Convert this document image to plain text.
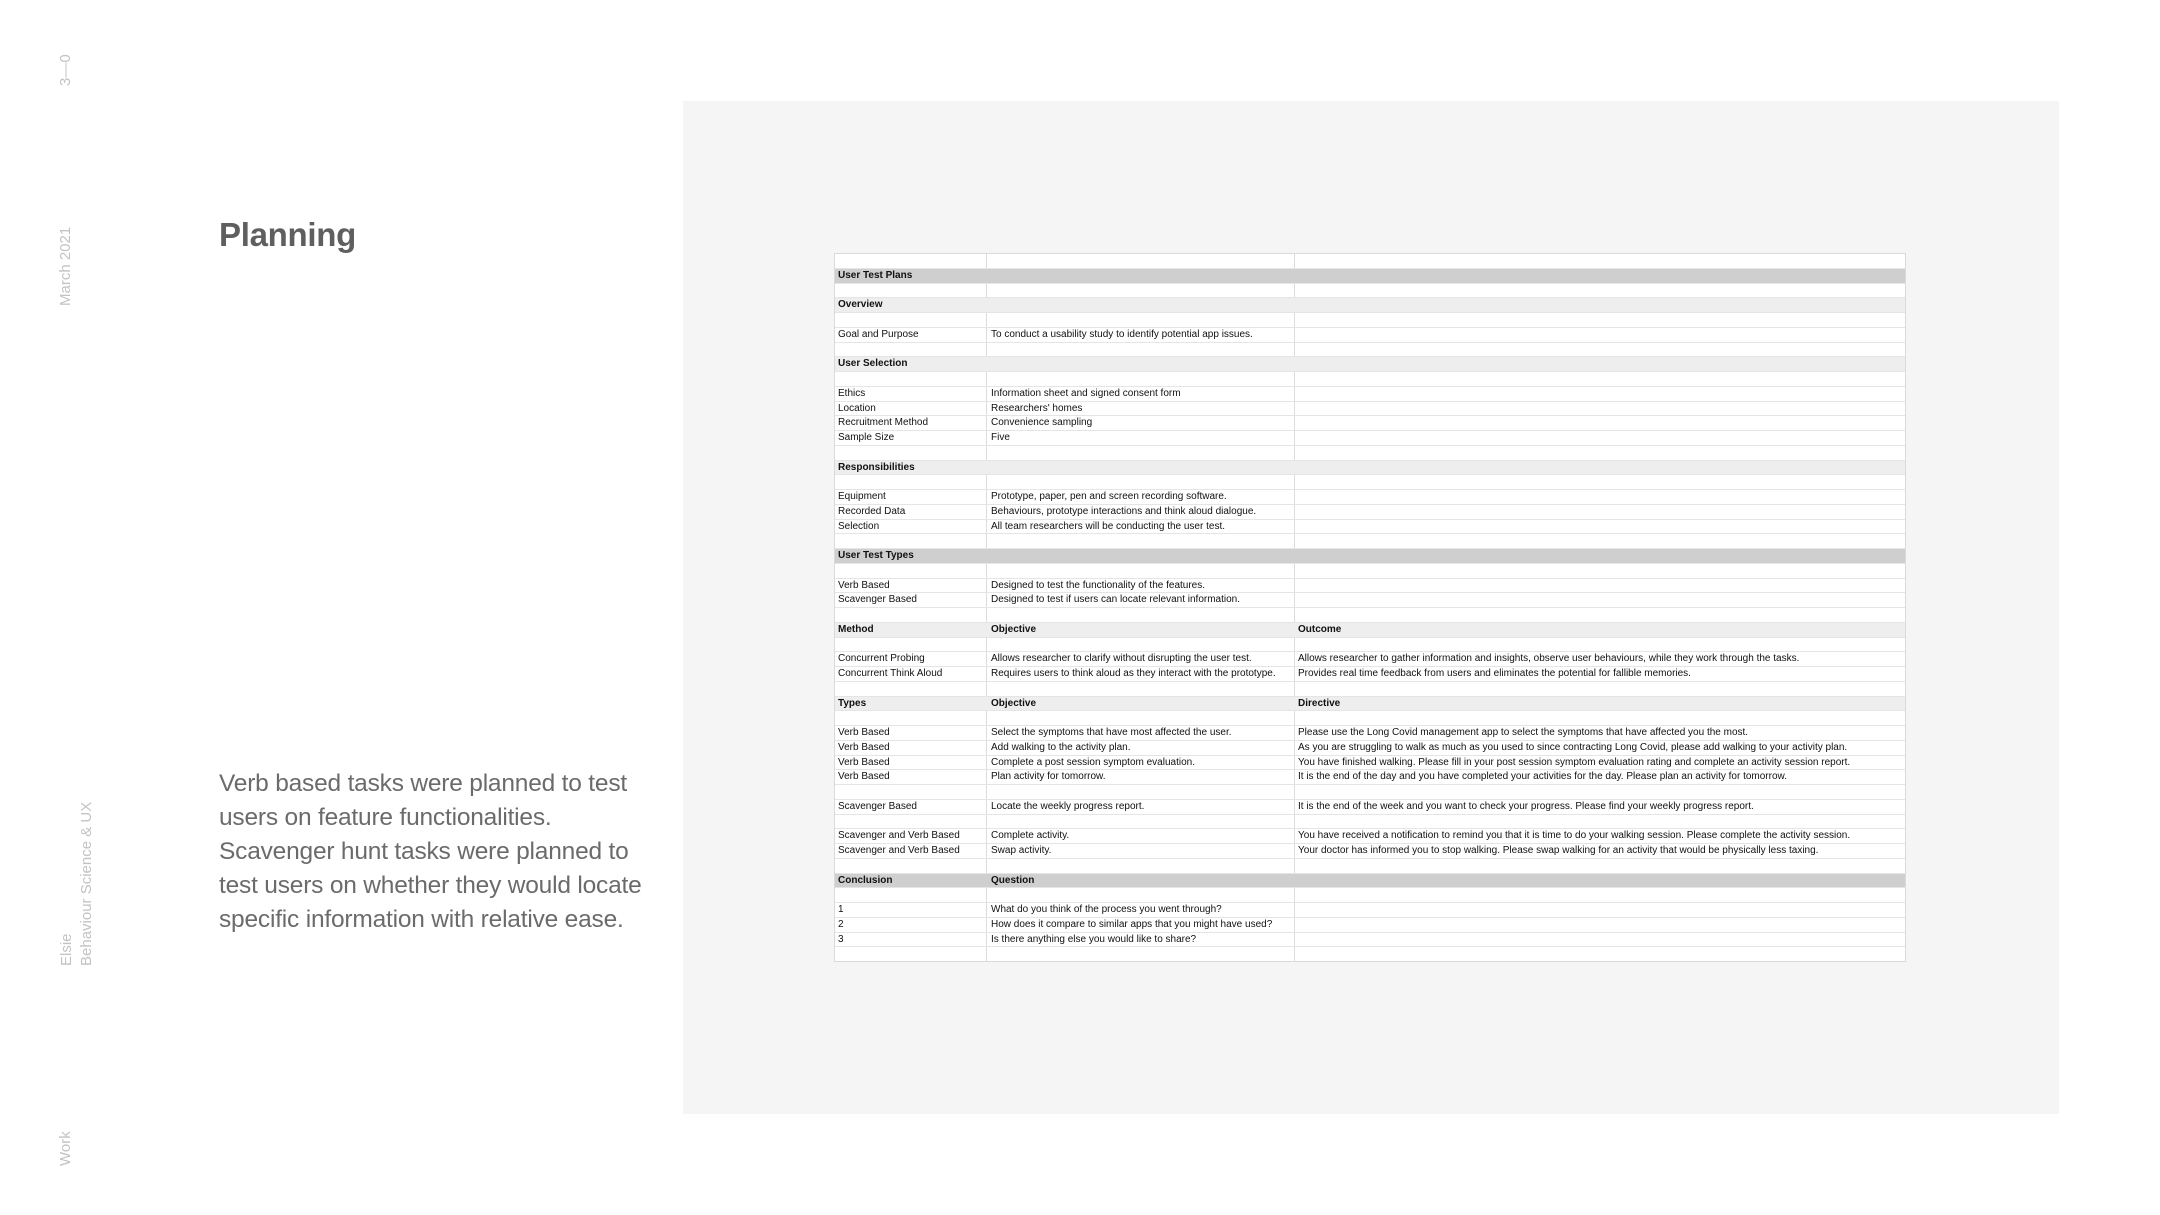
3—0
March 2021
Elsie Behaviour Science & UX
Work
Planning

Verb based tasks were planned to test users on feature functionalities. Scavenger hunt tasks were planned to test users on whether they would locate specific information with relative ease.

User Test Plans
Overview
Goal and Purpose	To conduct a usability study to identify potential app issues.
User Selection
Ethics	Information sheet and signed consent form
Location	Researchers' homes
Recruitment Method	Convenience sampling
Sample Size	Five
Responsibilities
Equipment	Prototype, paper, pen and screen recording software.
Recorded Data	Behaviours, prototype interactions and think aloud dialogue.
Selection	All team researchers will be conducting the user test.
User Test Types
Verb Based	Designed to test the functionality of the features.
Scavenger Based	Designed to test if users can locate relevant information.
Method	Objective	Outcome
Concurrent Probing	Allows researcher to clarify without disrupting the user test.	Allows researcher to gather information and insights, observe user behaviours, while they work through the tasks.
Concurrent Think Aloud	Requires users to think aloud as they interact with the prototype.	Provides real time feedback from users and eliminates the potential for fallible memories.
Types	Objective	Directive
Verb Based	Select the symptoms that have most affected the user.	Please use the Long Covid management app to select the symptoms that have affected you the most.
Verb Based	Add walking to the activity plan.	As you are struggling to walk as much as you used to since contracting Long Covid, please add walking to your activity plan.
Verb Based	Complete a post session symptom evaluation.	You have finished walking. Please fill in your post session symptom evaluation rating and complete an activity session report.
Verb Based	Plan activity for tomorrow.	It is the end of the day and you have completed your activities for the day. Please plan an activity for tomorrow.
Scavenger Based	Locate the weekly progress report.	It is the end of the week and you want to check your progress. Please find your weekly progress report.
Scavenger and Verb Based	Complete activity.	You have received a notification to remind you that it is time to do your walking session. Please complete the activity session.
Scavenger and Verb Based	Swap activity.	Your doctor has informed you to stop walking. Please swap walking for an activity that would be physically less taxing.
Conclusion	Question
1	What do you think of the process you went through?
2	How does it compare to similar apps that you might have used?
3	Is there anything else you would like to share?
